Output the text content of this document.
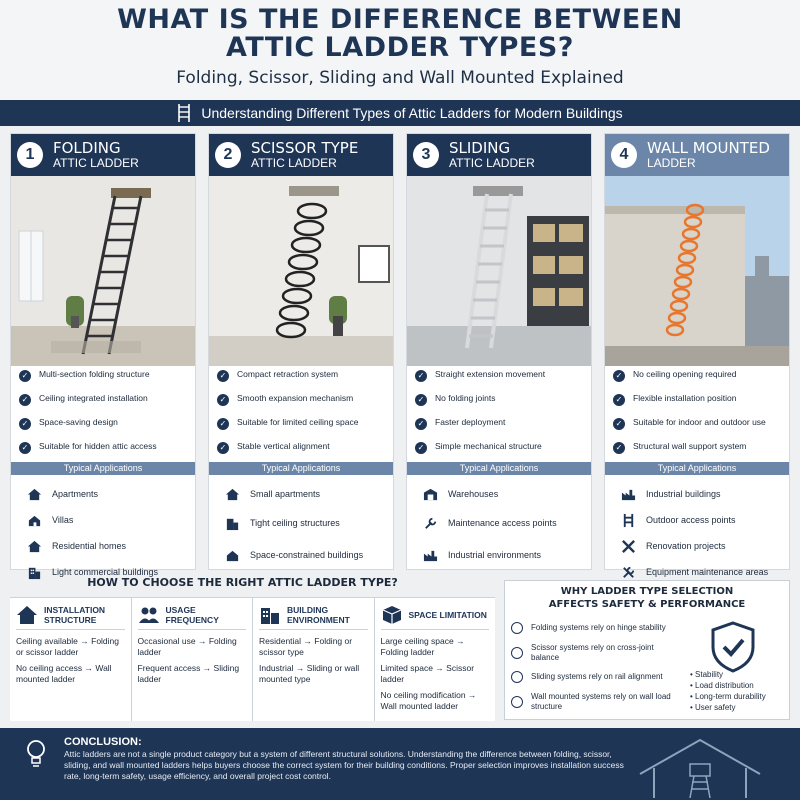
WHAT IS THE DIFFERENCE BETWEEN
ATTIC LADDER TYPES?
Folding, Scissor, Sliding and Wall Mounted Explained
Understanding Different Types of Attic Ladders for Modern Buildings
1	FOLDING
ATTIC LADDER
✓	Multi-section folding structure
✓	Ceiling integrated installation
✓	Space-saving design
✓	Suitable for hidden attic access
Typical Applications
Apartments
Villas
Residential homes
Light commercial buildings
2	SCISSOR TYPE
ATTIC LADDER
✓	Compact retraction system
✓	Smooth expansion mechanism
✓	Suitable for limited ceiling space
✓	Stable vertical alignment
Typical Applications
Small apartments
Tight ceiling structures
Space-constrained buildings
3	SLIDING
ATTIC LADDER
✓	Straight extension movement
✓	No folding joints
✓	Faster deployment
✓	Simple mechanical structure
Typical Applications
Warehouses
Maintenance access points
Industrial environments
4	WALL MOUNTED
LADDER
✓	No ceiling opening required
✓	Flexible installation position
✓	Suitable for indoor and outdoor use
✓	Structural wall support system
Typical Applications
Industrial buildings
Outdoor access points
Renovation projects
Equipment maintenance areas
HOW TO CHOOSE THE RIGHT ATTIC LADDER TYPE?
INSTALLATION STRUCTURE
Ceiling available → Folding or scissor ladder
No ceiling access → Wall mounted ladder
USAGE FREQUENCY
Occasional use → Folding ladder
Frequent access → Sliding ladder
BUILDING ENVIRONMENT
Residential → Folding or scissor type
Industrial → Sliding or wall mounted type
SPACE LIMITATION
Large ceiling space → Folding ladder
Limited space → Scissor ladder
No ceiling modification → Wall mounted ladder
WHY LADDER TYPE SELECTION
AFFECTS SAFETY & PERFORMANCE
Folding systems rely on hinge stability
Scissor systems rely on cross-joint balance
Sliding systems rely on rail alignment
Wall mounted systems rely on wall load structure
• Stability
• Load distribution
• Long-term durability
• User safety
CONCLUSION:
Attic ladders are not a single product category but a system of different structural solutions. Understanding the difference between folding, scissor, sliding, and wall mounted ladders helps buyers choose the correct system for their building conditions. Proper selection improves installation success rate, long-term safety, usage efficiency, and overall project cost control.
